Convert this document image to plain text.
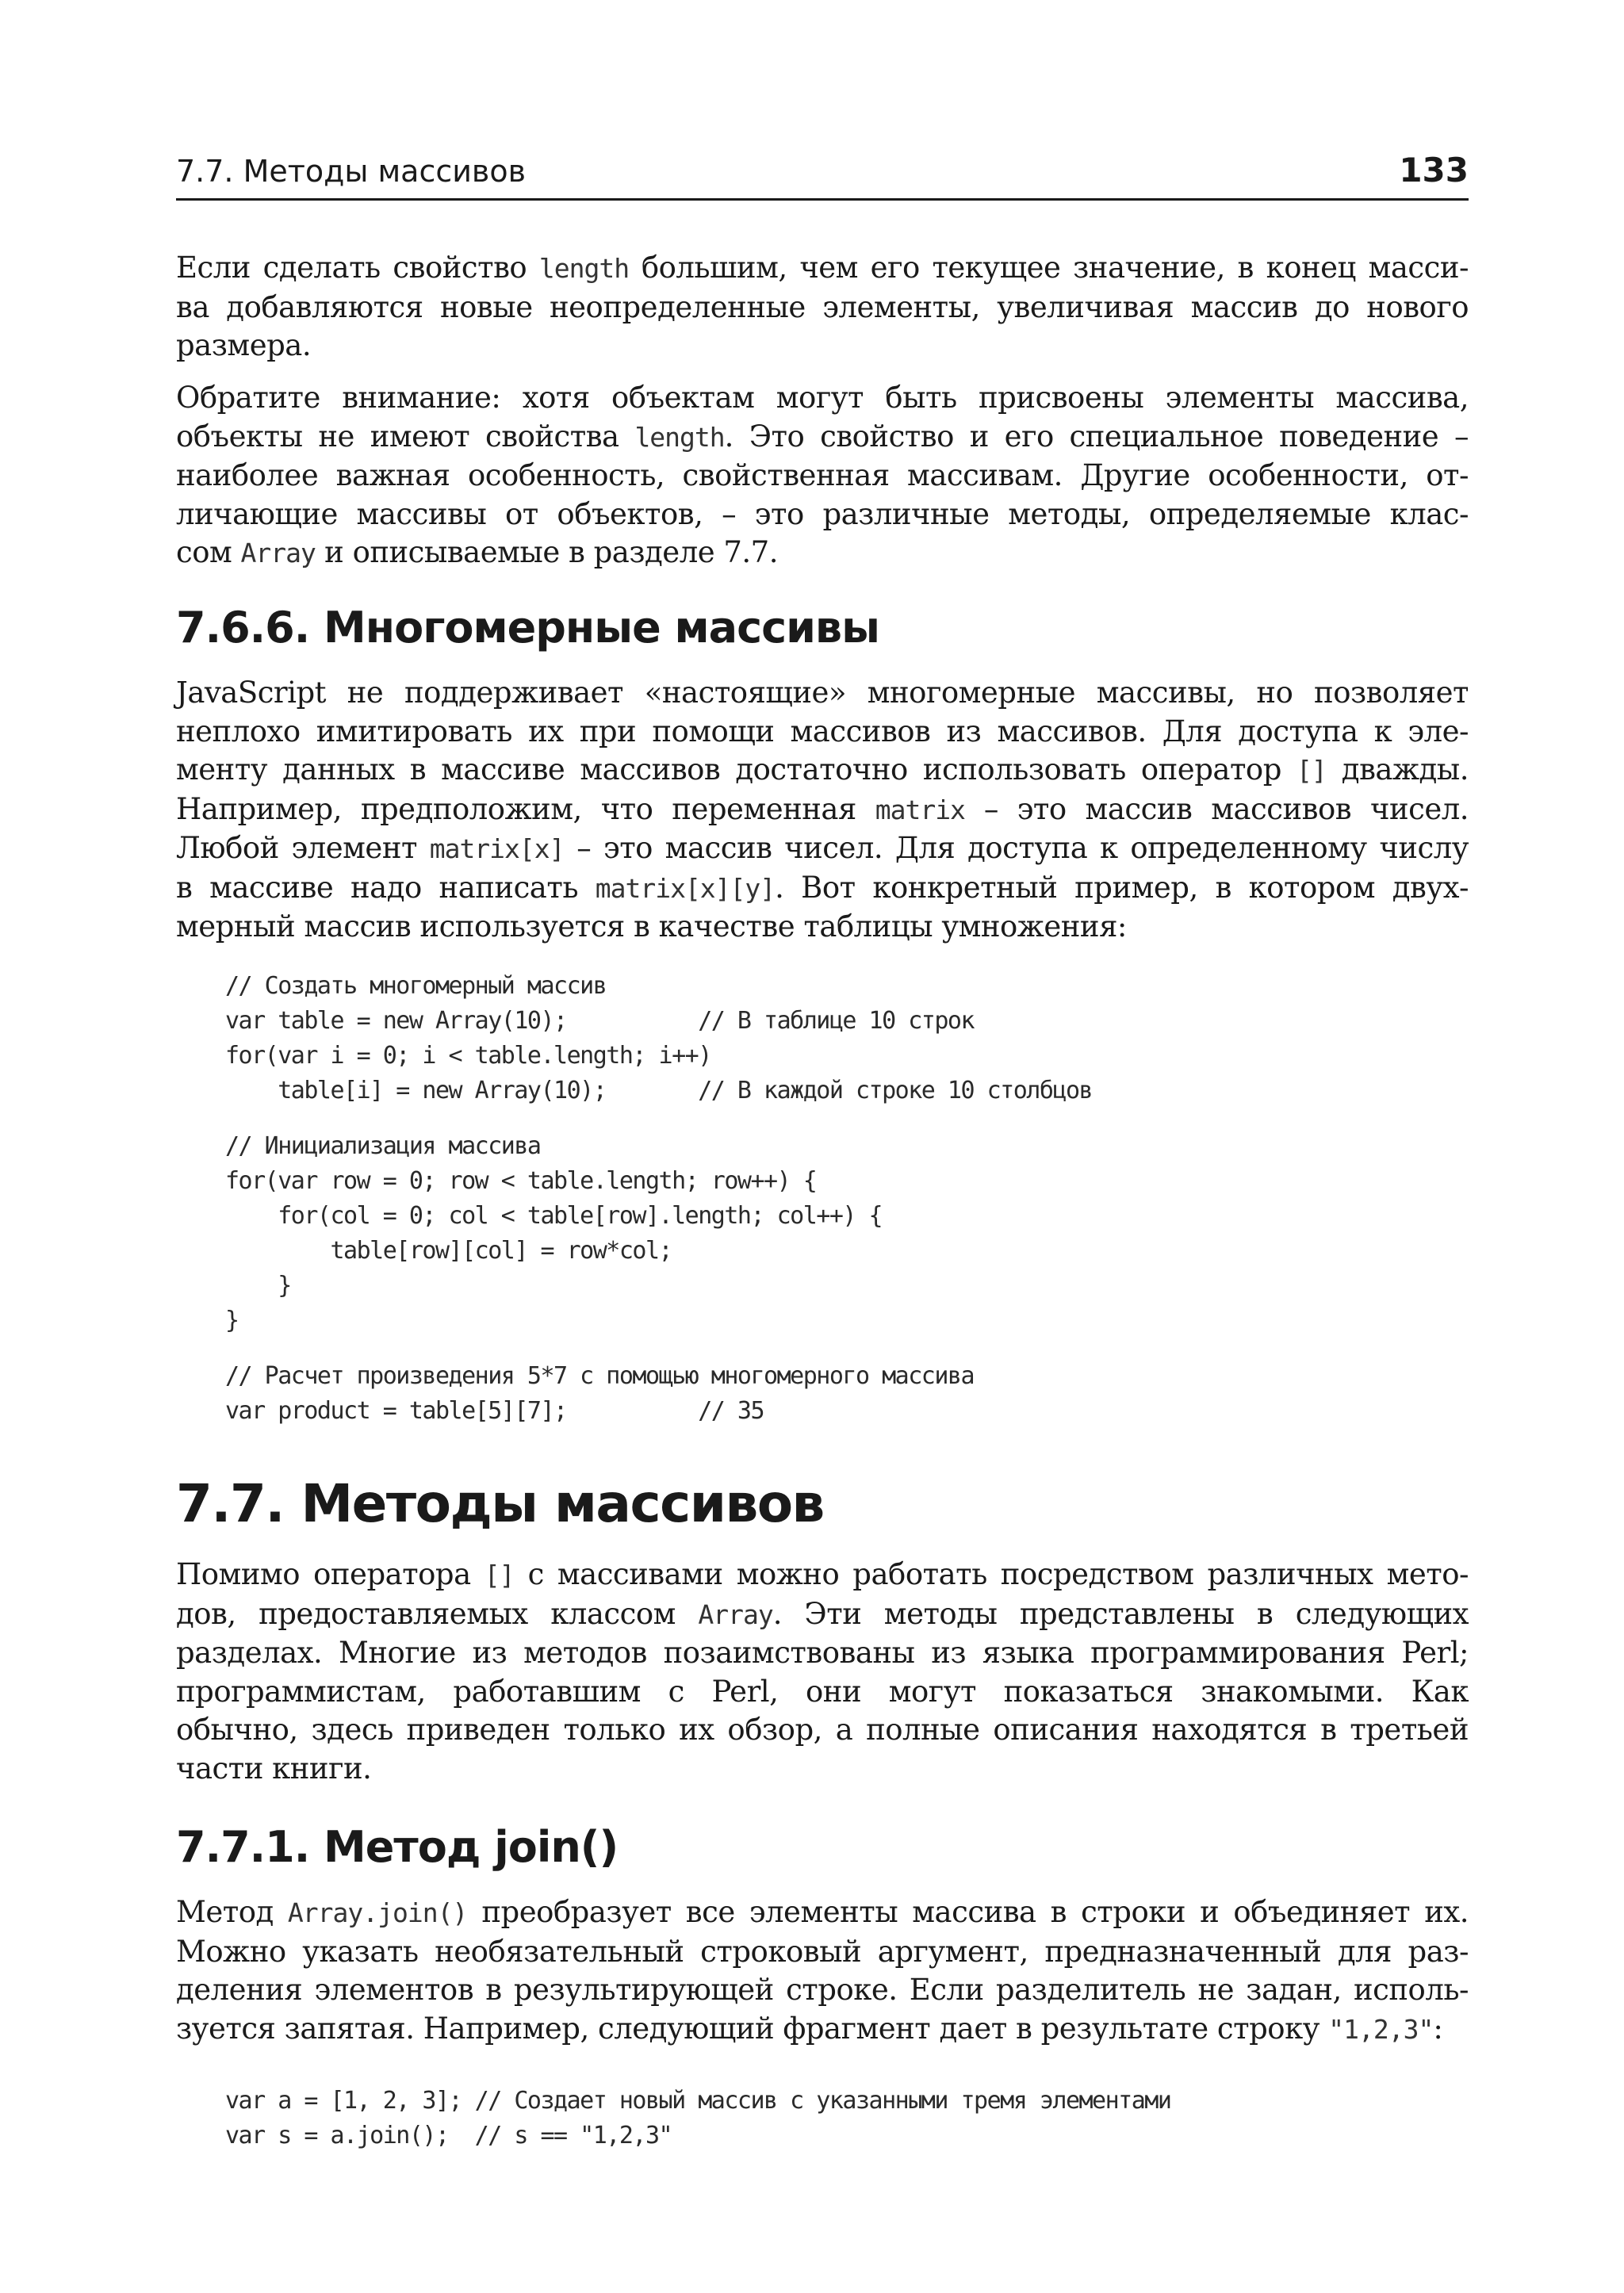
7.7. Методы массивов	133

Если сделать свойство length большим, чем его текущее значение, в конец масси-
ва добавляются новые неопределенные элементы, увеличивая массив до нового
размера.

Обратите внимание: хотя объектам могут быть присвоены элементы массива,
объекты не имеют свойства length. Это свойство и его специальное поведение –
наиболее важная особенность, свойственная массивам. Другие особенности, от-
личающие массивы от объектов, – это различные методы, определяемые клас-
сом Array и описываемые в разделе 7.7.

7.6.6. Многомерные массивы

JavaScript не поддерживает «настоящие» многомерные массивы, но позволяет
неплохо имитировать их при помощи массивов из массивов. Для доступа к эле-
менту данных в массиве массивов достаточно использовать оператор [] дважды.
Например, предположим, что переменная matrix – это массив массивов чисел.
Любой элемент matrix[x] – это массив чисел. Для доступа к определенному числу
в массиве надо написать matrix[x][y]. Вот конкретный пример, в котором двух-
мерный массив используется в качестве таблицы умножения:

// Создать многомерный массив
var table = new Array(10);          // В таблице 10 строк
for(var i = 0; i < table.length; i++)
table[i] = new Array(10);       // В каждой строке 10 столбцов
// Инициализация массива
for(var row = 0; row < table.length; row++) {
for(col = 0; col < table[row].length; col++) {
table[row][col] = row*col;
}
}
// Расчет произведения 5*7 с помощью многомерного массива
var product = table[5][7];          // 35
7.7. Методы массивов

Помимо оператора [] с массивами можно работать посредством различных мето-
дов, предоставляемых классом Array. Эти методы представлены в следующих
разделах. Многие из методов позаимствованы из языка программирования Perl;
программистам, работавшим с Perl, они могут показаться знакомыми. Как
обычно, здесь приведен только их обзор, а полные описания находятся в третьей
части книги.

7.7.1. Метод join()

Метод Array.join() преобразует все элементы массива в строки и объединяет их.
Можно указать необязательный строковый аргумент, предназначенный для раз-
деления элементов в результирующей строке. Если разделитель не задан, исполь-
зуется запятая. Например, следующий фрагмент дает в результате строку "1,2,3":

var a = [1, 2, 3]; // Создает новый массив с указанными тремя элементами
var s = a.join();  // s == "1,2,3"
